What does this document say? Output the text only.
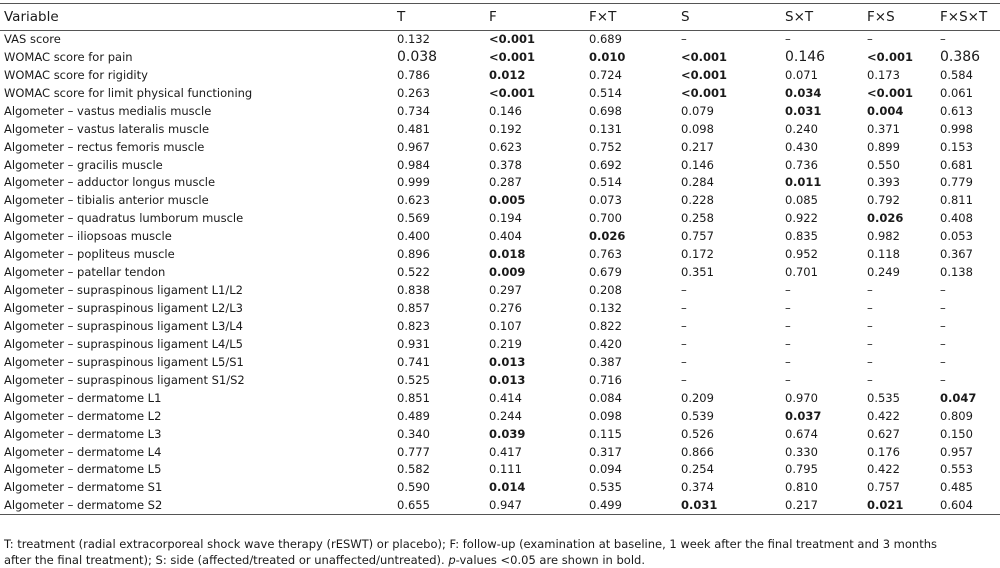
Variable	T	F	F×T	S	S×T	F×S	F×S×T
VAS score	0.132	<0.001	0.689	–	–	–	–
WOMAC score for pain	0.038	<0.001	0.010	<0.001	0.146	<0.001	0.386
WOMAC score for rigidity	0.786	0.012	0.724	<0.001	0.071	0.173	0.584
WOMAC score for limit physical functioning	0.263	<0.001	0.514	<0.001	0.034	<0.001	0.061
Algometer – vastus medialis muscle	0.734	0.146	0.698	0.079	0.031	0.004	0.613
Algometer – vastus lateralis muscle	0.481	0.192	0.131	0.098	0.240	0.371	0.998
Algometer – rectus femoris muscle	0.967	0.623	0.752	0.217	0.430	0.899	0.153
Algometer – gracilis muscle	0.984	0.378	0.692	0.146	0.736	0.550	0.681
Algometer – adductor longus muscle	0.999	0.287	0.514	0.284	0.011	0.393	0.779
Algometer – tibialis anterior muscle	0.623	0.005	0.073	0.228	0.085	0.792	0.811
Algometer – quadratus lumborum muscle	0.569	0.194	0.700	0.258	0.922	0.026	0.408
Algometer – iliopsoas muscle	0.400	0.404	0.026	0.757	0.835	0.982	0.053
Algometer – popliteus muscle	0.896	0.018	0.763	0.172	0.952	0.118	0.367
Algometer – patellar tendon	0.522	0.009	0.679	0.351	0.701	0.249	0.138
Algometer – supraspinous ligament L1/L2	0.838	0.297	0.208	–	–	–	–
Algometer – supraspinous ligament L2/L3	0.857	0.276	0.132	–	–	–	–
Algometer – supraspinous ligament L3/L4	0.823	0.107	0.822	–	–	–	–
Algometer – supraspinous ligament L4/L5	0.931	0.219	0.420	–	–	–	–
Algometer – supraspinous ligament L5/S1	0.741	0.013	0.387	–	–	–	–
Algometer – supraspinous ligament S1/S2	0.525	0.013	0.716	–	–	–	–
Algometer – dermatome L1	0.851	0.414	0.084	0.209	0.970	0.535	0.047
Algometer – dermatome L2	0.489	0.244	0.098	0.539	0.037	0.422	0.809
Algometer – dermatome L3	0.340	0.039	0.115	0.526	0.674	0.627	0.150
Algometer – dermatome L4	0.777	0.417	0.317	0.866	0.330	0.176	0.957
Algometer – dermatome L5	0.582	0.111	0.094	0.254	0.795	0.422	0.553
Algometer – dermatome S1	0.590	0.014	0.535	0.374	0.810	0.757	0.485
Algometer – dermatome S2	0.655	0.947	0.499	0.031	0.217	0.021	0.604
T: treatment (radial extracorporeal shock wave therapy (rESWT) or placebo); F: follow-up (examination at baseline, 1 week after the final treatment and 3 months
after the final treatment); S: side (affected/treated or unaffected/untreated). p-values <0.05 are shown in bold.
